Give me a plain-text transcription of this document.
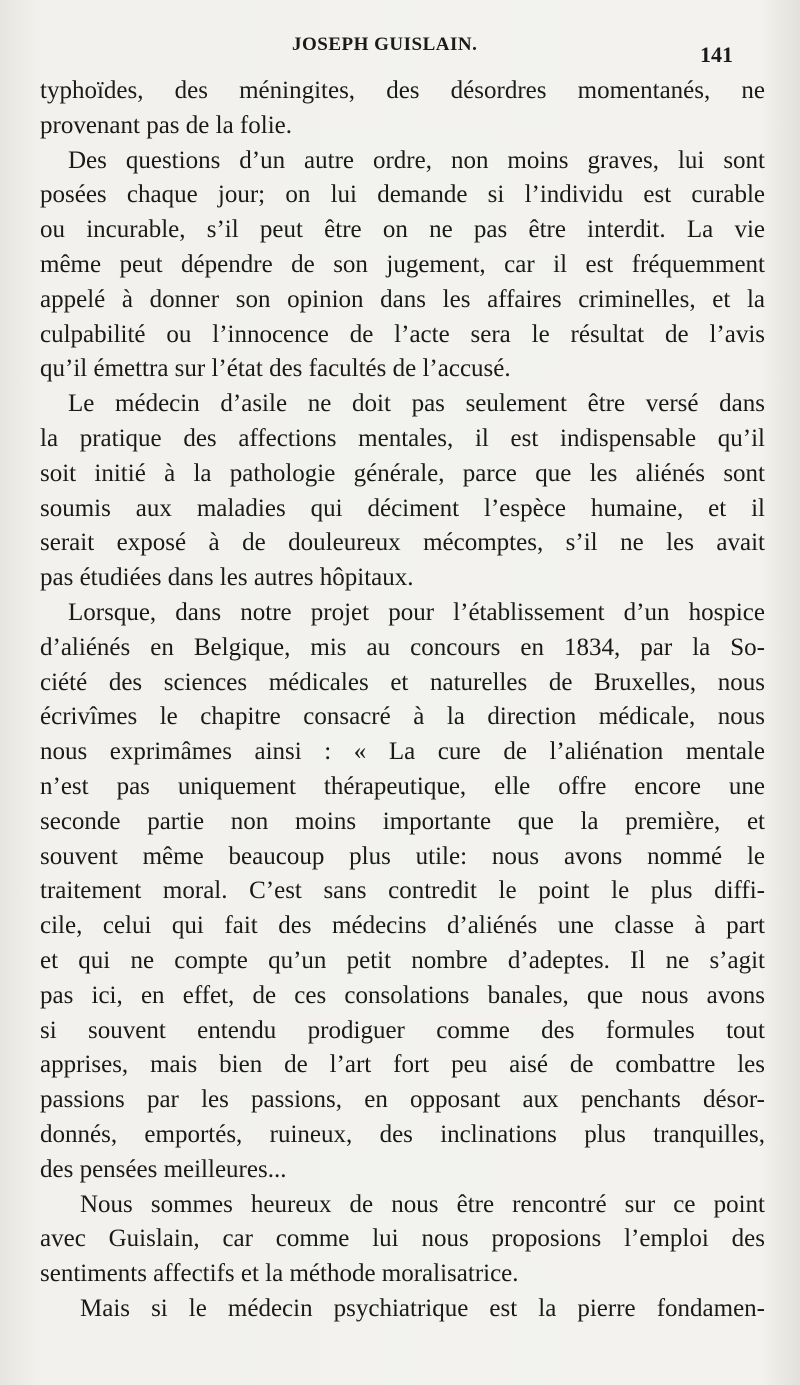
JOSEPH GUISLAIN.	141
typhoïdes, des méningites, des désordres momentanés, ne
provenant pas de la folie.
Des questions d’un autre ordre, non moins graves, lui sont
posées chaque jour; on lui demande si l’individu est curable
ou incurable, s’il peut être on ne pas être interdit. La vie
même peut dépendre de son jugement, car il est fréquemment
appelé à donner son opinion dans les affaires criminelles, et la
culpabilité ou l’innocence de l’acte sera le résultat de l’avis
qu’il émettra sur l’état des facultés de l’accusé.
Le médecin d’asile ne doit pas seulement être versé dans
la pratique des affections mentales, il est indispensable qu’il
soit initié à la pathologie générale, parce que les aliénés sont
soumis aux maladies qui déciment l’espèce humaine, et il
serait exposé à de douleureux mécomptes, s’il ne les avait
pas étudiées dans les autres hôpitaux.
Lorsque, dans notre projet pour l’établissement d’un hospice
d’aliénés en Belgique, mis au concours en 1834, par la So-
ciété des sciences médicales et naturelles de Bruxelles, nous
écrivîmes le chapitre consacré à la direction médicale, nous
nous exprimâmes ainsi : « La cure de l’aliénation mentale
n’est pas uniquement thérapeutique, elle offre encore une
seconde partie non moins importante que la première, et
souvent même beaucoup plus utile: nous avons nommé le
traitement moral. C’est sans contredit le point le plus diffi-
cile, celui qui fait des médecins d’aliénés une classe à part
et qui ne compte qu’un petit nombre d’adeptes. Il ne s’agit
pas ici, en effet, de ces consolations banales, que nous avons
si souvent entendu prodiguer comme des formules tout
apprises, mais bien de l’art fort peu aisé de combattre les
passions par les passions, en opposant aux penchants désor-
donnés, emportés, ruineux, des inclinations plus tranquilles,
des pensées meilleures...
Nous sommes heureux de nous être rencontré sur ce point
avec Guislain, car comme lui nous proposions l’emploi des
sentiments affectifs et la méthode moralisatrice.
Mais si le médecin psychiatrique est la pierre fondamen-
